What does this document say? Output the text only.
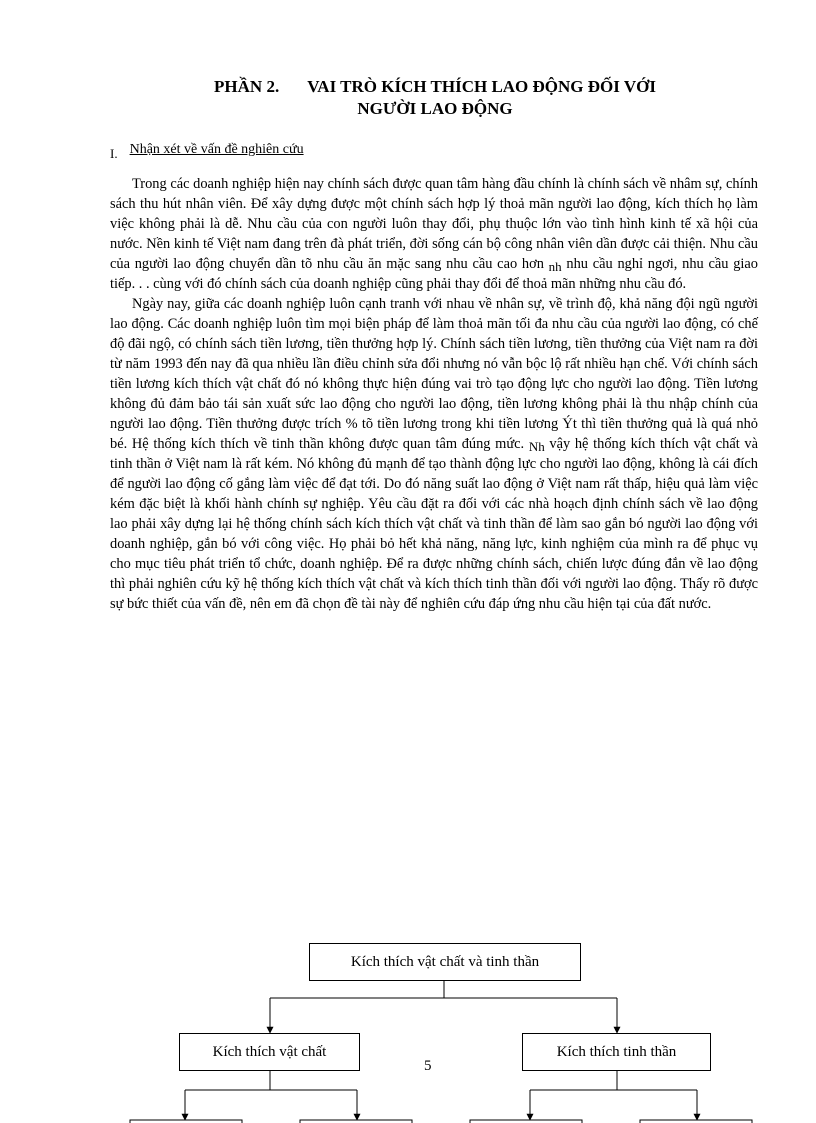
PHẦN 2. VAI TRÒ KÍCH THÍCH LAO ĐỘNG ĐỐI VỚI
NGƯỜI LAO ĐỘNG
I. Nhận xét về vấn đề nghiên cứu

Trong các doanh nghiệp hiện nay chính sách được quan tâm hàng đầu chính là chính sách về nhâm sự, chính sách thu hút nhân viên. Để xây dựng được một chính sách hợp lý thoả mãn người lao động, kích thích họ làm việc không phải là dễ. Nhu cầu của con người luôn thay đổi, phụ thuộc lớn vào tình hình kinh tế xã hội của nước. Nền kinh tế Việt nam đang trên đà phát triển, đời sống cán bộ công nhân viên dần được cải thiện. Nhu cầu của người lao động chuyển dần tõ nhu cầu ăn mặc sang nhu cầu cao hơn nh nhu cầu nghỉ ngơi, nhu cầu giao tiếp. . . cùng với đó chính sách của doanh nghiệp cũng phải thay đổi để thoả mãn những nhu cầu đó.

Ngày nay, giữa các doanh nghiệp luôn cạnh tranh với nhau về nhân sự, về trình độ, khả năng đội ngũ người lao động. Các doanh nghiệp luôn tìm mọi biện pháp để làm thoả mãn tối đa nhu cầu của người lao động, có chế độ đãi ngộ, có chính sách tiền lương, tiền thưởng hợp lý. Chính sách tiền lương, tiền thưởng của Việt nam ra đời từ năm 1993 đến nay đã qua nhiều lần điều chỉnh sửa đổi nhưng nó vẫn bộc lộ rất nhiều hạn chế. Với chính sách tiền lương kích thích vật chất đó nó không thực hiện đúng vai trò tạo động lực cho người lao động. Tiền lương không đủ đảm bảo tái sản xuất sức lao động cho người lao động, tiền lương không phải là thu nhập chính của người lao động. Tiền thưởng được trích % tõ tiền lương trong khi tiền lương Ýt thì tiền thưởng quả là quá nhỏ bé. Hệ thống kích thích về tinh thần không được quan tâm đúng mức. Nh vậy hệ thống kích thích vật chất và tinh thần ở Việt nam là rất kém. Nó không đủ mạnh để tạo thành động lực cho người lao động, không là cái đích để người lao động cố gắng làm việc để đạt tới. Do đó năng suất lao động ở Việt nam rất thấp, hiệu quả làm việc kém đặc biệt là khối hành chính sự nghiệp. Yêu cầu đặt ra đối với các nhà hoạch định chính sách về lao động lao phải xây dựng lại hệ thống chính sách kích thích vật chất và tinh thần để làm sao gắn bó người lao động với doanh nghiệp, gắn bó với công việc. Họ phải bỏ hết khả năng, năng lực, kinh nghiệm của mình ra để phục vụ cho mục tiêu phát triển tổ chức, doanh nghiệp. Để ra được những chính sách, chiến lược đúng đắn về lao động thì phải nghiên cứu kỹ hệ thống kích thích vật chất và kích thích tinh thần đối với người lao động. Thấy rõ được sự bức thiết của vấn đề, nên em đã chọn đề tài này để nghiên cứu đáp ứng nhu cầu hiện tại của đất nước.

Kích thích vật chất và tinh thần
Kích thích vật chất	Kích thích tinh thần
5
